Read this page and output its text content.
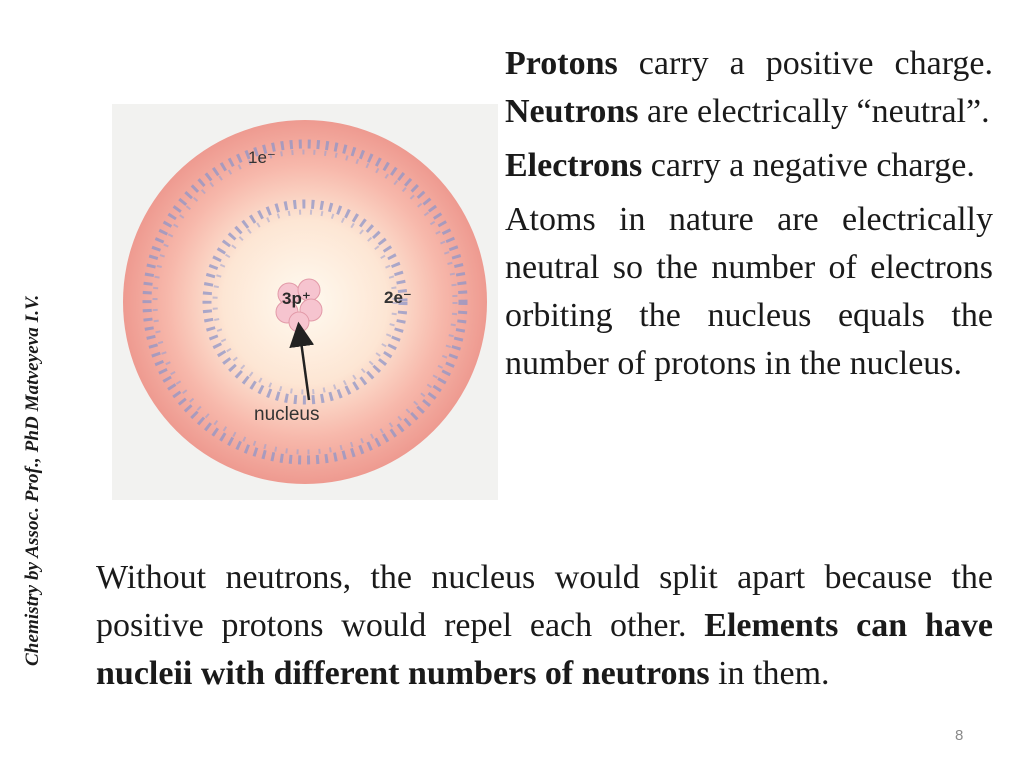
Chemistry by Assoc. Prof., PhD Matveyeva I.V.
1e⁻
3p⁺	2e⁻
nucleus

Protons carry a positive charge. Neutrons are electrically “neutral”.

Electrons carry a negative charge.

Atoms in nature are electrically neutral so the number of electrons orbiting the nucleus equals the number of protons in the nucleus.

Without neutrons, the nucleus would split apart because the positive protons would repel each other. Elements can have nucleii with different numbers of neutrons in them.

8
